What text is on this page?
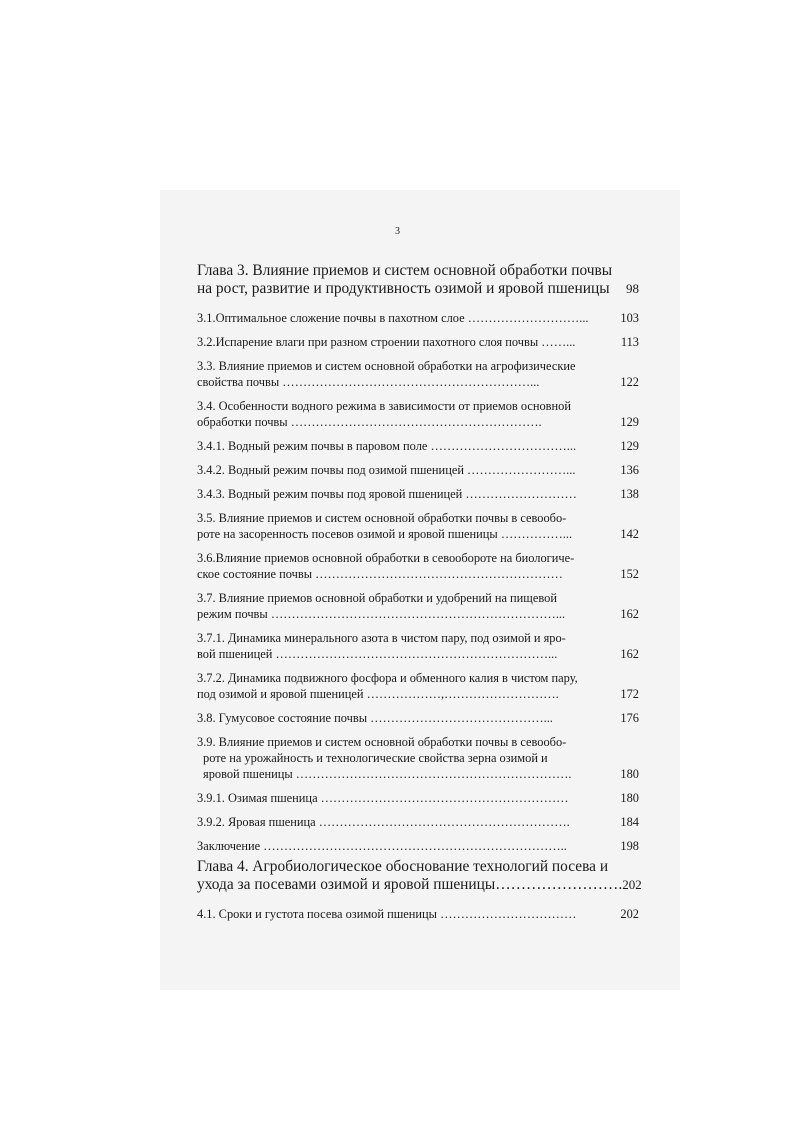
3
Глава 3. Влияние приемов и систем основной обработки почвы
на рост, развитие и продуктивность озимой и яровой пшеницы	98
3.1.Оптимальное сложение почвы в пахотном слое ………………………...	103
3.2.Испарение влаги при разном строении пахотного слоя почвы ……...	113
3.3. Влияние приемов и систем основной обработки на агрофизические
свойства почвы ……………………………………………………...	122
3.4. Особенности водного режима в зависимости от приемов основной
обработки почвы …………………………………………………….	129
3.4.1. Водный режим почвы в паровом поле ……………………………...	129
3.4.2. Водный режим почвы под озимой пшеницей ……………………...	136
3.4.3. Водный режим почвы под яровой пшеницей ………………………	138
3.5. Влияние приемов и систем основной обработки почвы в севообо-
роте на засоренность посевов озимой и яровой пшеницы ……………...	142
3.6.Влияние приемов основной обработки в севообороте на биологиче-
ское состояние почвы ……………………………………………………	152
3.7. Влияние приемов основной обработки и удобрений на пищевой
режим почвы ……………………………………………………………...	162
3.7.1. Динамика минерального азота в чистом пару, под озимой и яро-
вой пшеницей …………………………………………………………...	162
3.7.2. Динамика подвижного фосфора и обменного калия в чистом пару,
под озимой и яровой пшеницей ………………,……………………….	172
3.8. Гумусовое состояние почвы ……………………………………...	176
3.9. Влияние приемов и систем основной обработки почвы в севообо-
роте на урожайность и технологические свойства зерна озимой и
яровой пшеницы ………………………………………………………….	180
3.9.1. Озимая пшеница ……………………………………………………	180
3.9.2. Яровая пшеница …………………………………………………….	184
Заключение ………………………………………………………………..	198
Глава 4. Агробиологическое обоснование технологий посева и
ухода за посевами озимой и яровой пшеницы……………………. 202
4.1. Сроки и густота посева озимой пшеницы ……………………………	202
